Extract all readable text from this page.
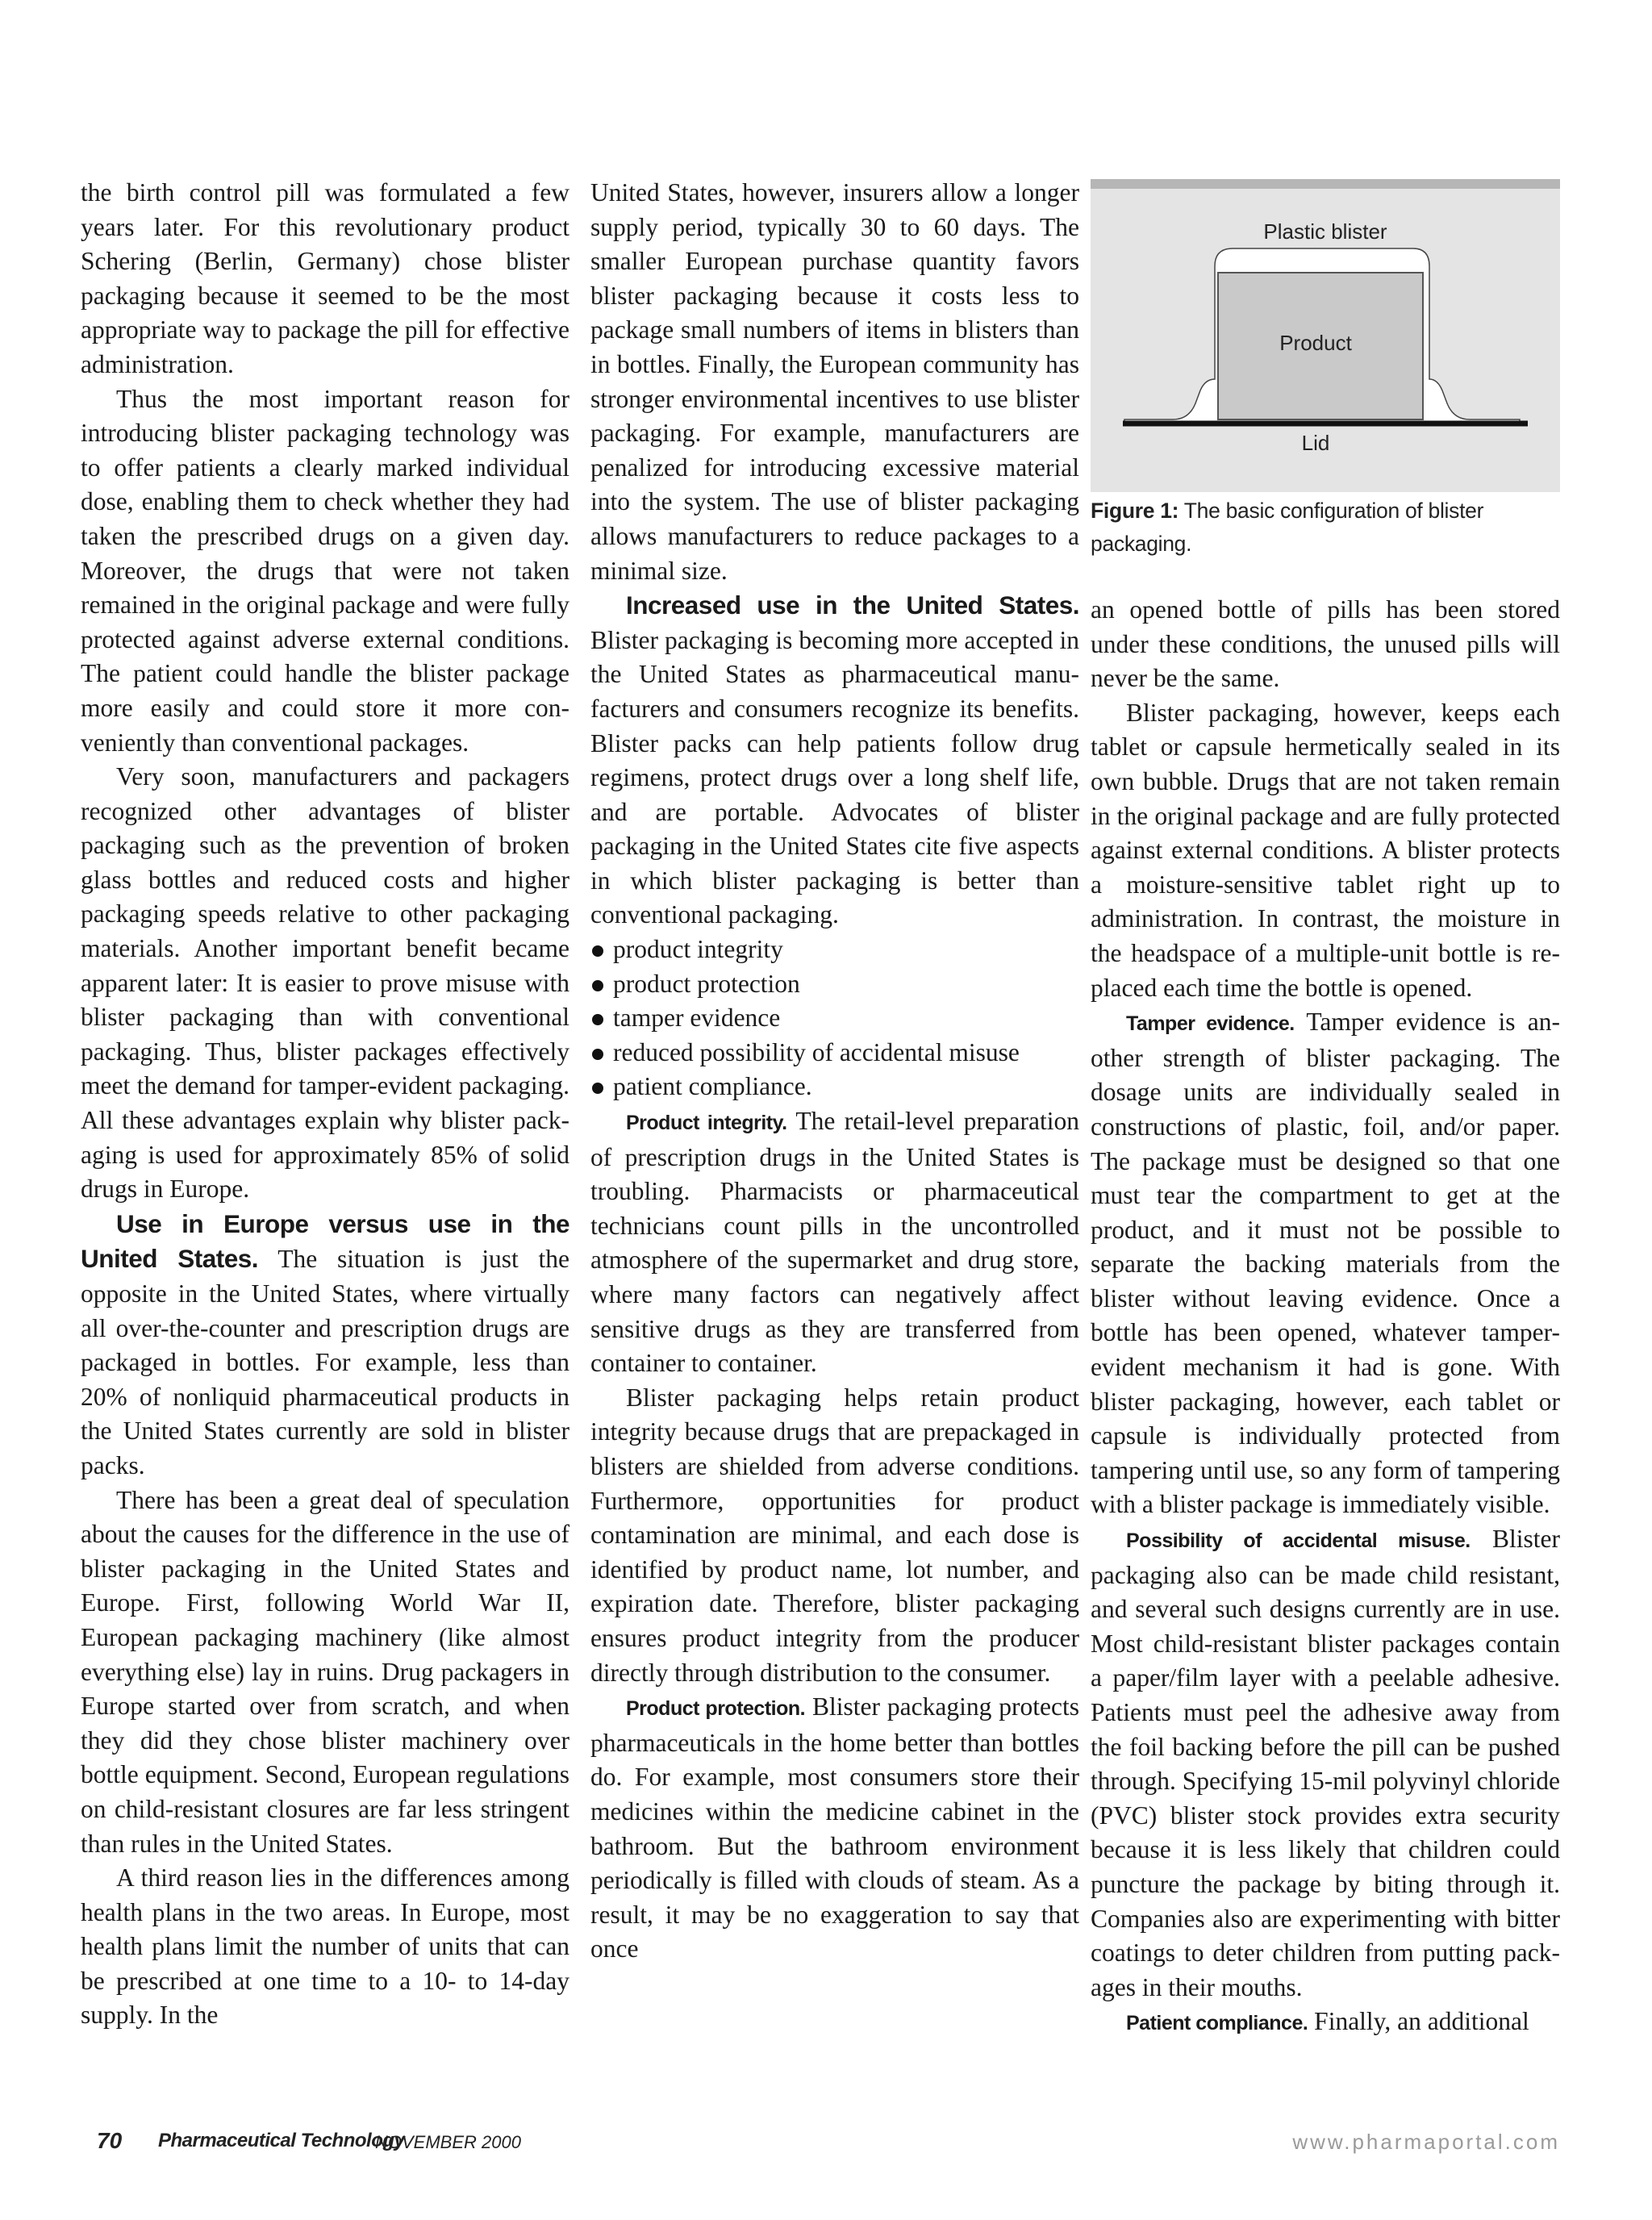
the birth control pill was formulated a few years later. For this revolutionary product Schering (Berlin, Germany) chose blister packaging because it seemed to be the most appropriate way to package the pill for effective administration.

Thus the most important reason for introducing blister packaging technology was to offer patients a clearly marked individual dose, enabling them to check whether they had taken the prescribed drugs on a given day. Moreover, the drugs that were not taken remained in the original package and were fully protected against adverse external conditions. The patient could handle the blister package more easily and could store it more conveniently than conventional packages.

Very soon, manufacturers and packagers recognized other advantages of blister packaging such as the prevention of broken glass bottles and reduced costs and higher packaging speeds relative to other packaging materials. Another important benefit became apparent later: It is easier to prove misuse with blister packaging than with conventional packaging. Thus, blister packages effectively meet the demand for tamper-evident packaging. All these advantages explain why blister packaging is used for approximately 85% of solid drugs in Europe.

Use in Europe versus use in the United States. The situation is just the opposite in the United States, where virtually all over-the-counter and prescription drugs are packaged in bottles. For example, less than 20% of nonliquid pharmaceutical products in the United States currently are sold in blister packs.

There has been a great deal of speculation about the causes for the difference in the use of blister packaging in the United States and Europe. First, following World War II, European packaging machinery (like almost everything else) lay in ruins. Drug packagers in Europe started over from scratch, and when they did they chose blister machinery over bottle equipment. Second, European regulations on child-resistant closures are far less stringent than rules in the United States.

A third reason lies in the differences among health plans in the two areas. In Europe, most health plans limit the number of units that can be prescribed at one time to a 10- to 14-day supply. In the

United States, however, insurers allow a longer supply period, typically 30 to 60 days. The smaller European purchase quantity favors blister packaging because it costs less to package small numbers of items in blisters than in bottles. Finally, the European community has stronger environmental incentives to use blister packaging. For example, manufacturers are penalized for introducing excessive material into the system. The use of blister packaging allows manufacturers to reduce packages to a minimal size.

Increased use in the United States. Blister packaging is becoming more accepted in the United States as pharmaceutical manufacturers and consumers recognize its benefits. Blister packs can help patients follow drug regimens, protect drugs over a long shelf life, and are portable. Advocates of blister packaging in the United States cite five aspects in which blister packaging is better than conventional packaging.

product integrity
product protection
tamper evidence
reduced possibility of accidental misuse
patient compliance.

Product integrity. The retail-level preparation of prescription drugs in the United States is troubling. Pharmacists or pharmaceutical technicians count pills in the uncontrolled atmosphere of the supermarket and drug store, where many factors can negatively affect sensitive drugs as they are transferred from container to container.

Blister packaging helps retain product integrity because drugs that are prepackaged in blisters are shielded from adverse conditions. Furthermore, opportunities for product contamination are minimal, and each dose is identified by product name, lot number, and expiration date. Therefore, blister packaging ensures product integrity from the producer directly through distribution to the consumer.

Product protection. Blister packaging protects pharmaceuticals in the home better than bottles do. For example, most consumers store their medicines within the medicine cabinet in the bathroom. But the bathroom environment periodically is filled with clouds of steam. As a result, it may be no exaggeration to say that once

Plastic blister
Product
Lid
Figure 1: The basic configuration of blister packaging.

an opened bottle of pills has been stored under these conditions, the unused pills will never be the same.

Blister packaging, however, keeps each tablet or capsule hermetically sealed in its own bubble. Drugs that are not taken remain in the original package and are fully protected against external conditions. A blister protects a moisture-sensitive tablet right up to administration. In contrast, the moisture in the headspace of a multiple-unit bottle is replaced each time the bottle is opened.

Tamper evidence. Tamper evidence is another strength of blister packaging. The dosage units are individually sealed in constructions of plastic, foil, and/or paper. The package must be designed so that one must tear the compartment to get at the product, and it must not be possible to separate the backing materials from the blister without leaving evidence. Once a bottle has been opened, whatever tamper-evident mechanism it had is gone. With blister packaging, however, each tablet or capsule is individually protected from tampering until use, so any form of tampering with a blister package is immediately visible.

Possibility of accidental misuse. Blister packaging also can be made child resistant, and several such designs currently are in use. Most child-resistant blister packages contain a paper/film layer with a peelable adhesive. Patients must peel the adhesive away from the foil backing before the pill can be pushed through. Specifying 15-mil polyvinyl chloride (PVC) blister stock provides extra security because it is less likely that children could puncture the package by biting through it. Companies also are experimenting with bitter coatings to deter children from putting packages in their mouths.

Patient compliance. Finally, an additional

70 Pharmaceutical Technology
NOVEMBER 2000	www.pharmaportal.com
